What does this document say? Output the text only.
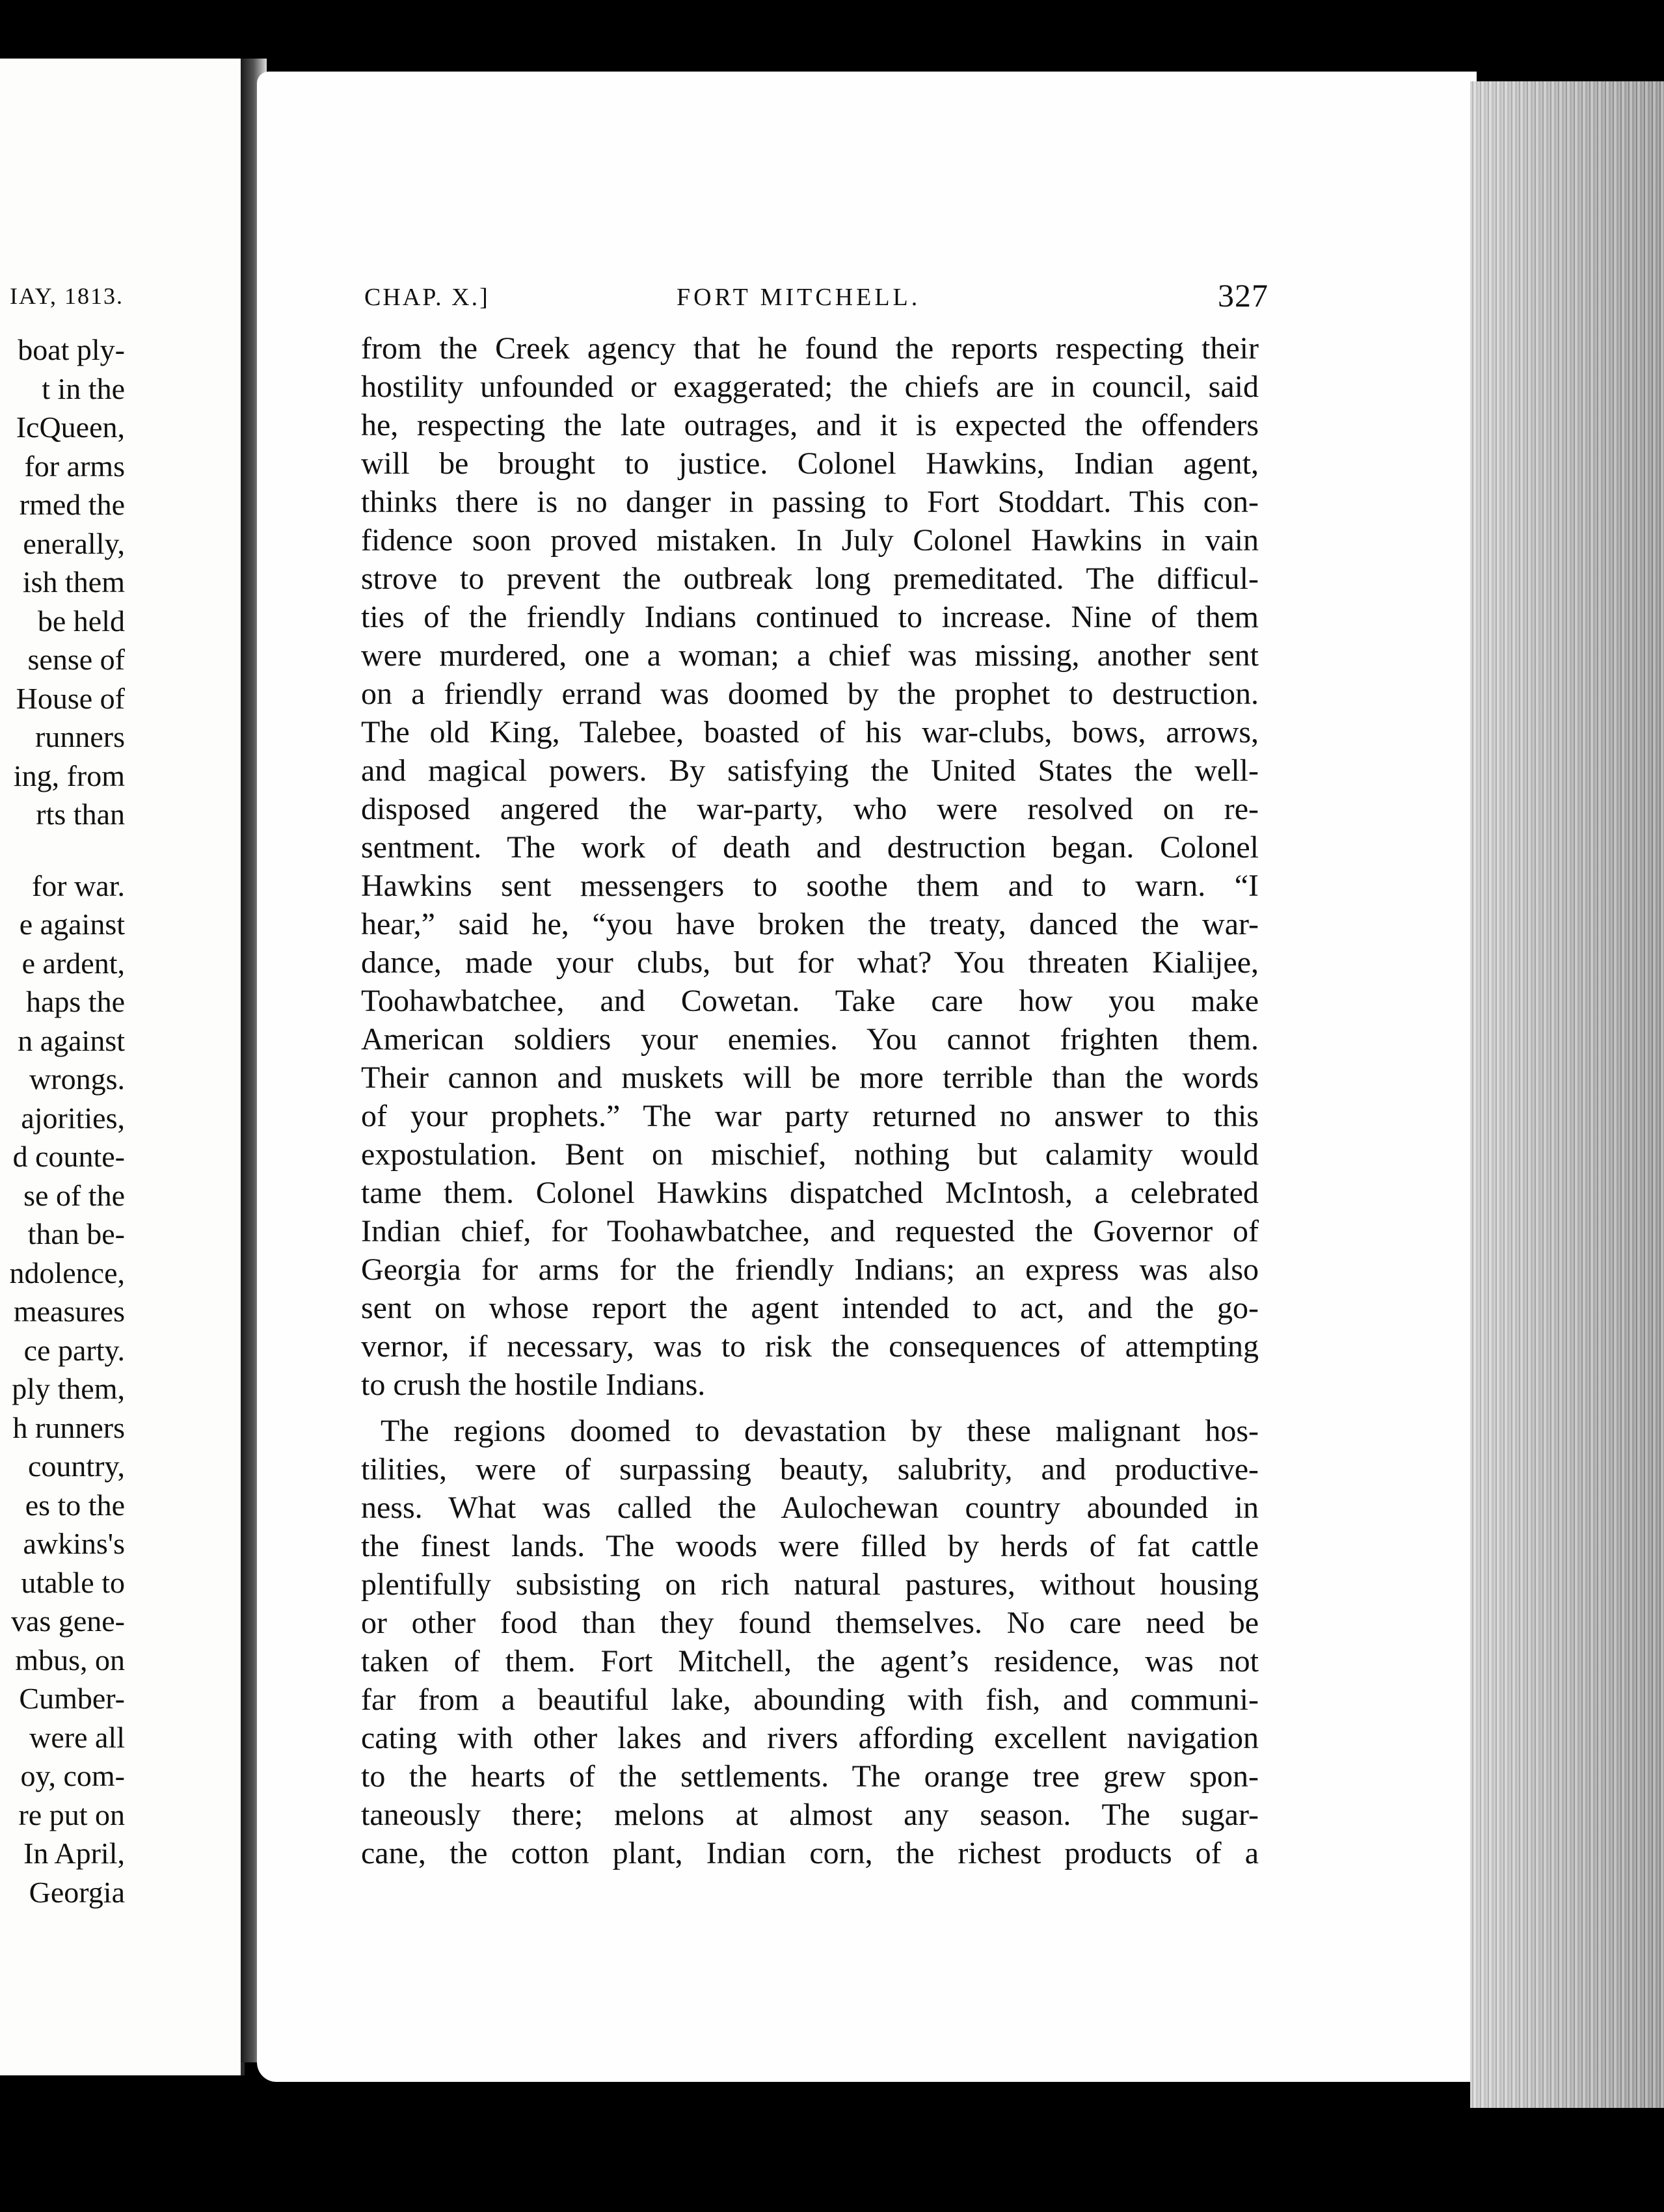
IAY, 1813.
boat ply-
t in the
IcQueen,
for arms
rmed the
enerally,
ish them
be held
sense of
House of
runners
ing, from
rts than
for war.
e against
e ardent,
haps the
n against
wrongs.
ajorities,
d counte-
se of the
than be-
ndolence,
measures
ce party.
ply them,
h runners
country,
es to the
awkins's
utable to
vas gene-
mbus, on
Cumber-
were all
oy, com-
re put on
In April,
Georgia
CHAP. X.]	FORT MITCHELL.	327
from the Creek agency that he found the reports respecting their
hostility unfounded or exaggerated; the chiefs are in council, said
he, respecting the late outrages, and it is expected the offenders
will be brought to justice. Colonel Hawkins, Indian agent,
thinks there is no danger in passing to Fort Stoddart. This con-
fidence soon proved mistaken. In July Colonel Hawkins in vain
strove to prevent the outbreak long premeditated. The difficul-
ties of the friendly Indians continued to increase. Nine of them
were murdered, one a woman; a chief was missing, another sent
on a friendly errand was doomed by the prophet to destruction.
The old King, Talebee, boasted of his war-clubs, bows, arrows,
and magical powers. By satisfying the United States the well-
disposed angered the war-party, who were resolved on re-
sentment. The work of death and destruction began. Colonel
Hawkins sent messengers to soothe them and to warn. “I
hear,” said he, “you have broken the treaty, danced the war-
dance, made your clubs, but for what? You threaten Kialijee,
Toohawbatchee, and Cowetan. Take care how you make
American soldiers your enemies. You cannot frighten them.
Their cannon and muskets will be more terrible than the words
of your prophets.” The war party returned no answer to this
expostulation. Bent on mischief, nothing but calamity would
tame them. Colonel Hawkins dispatched McIntosh, a celebrated
Indian chief, for Toohawbatchee, and requested the Governor of
Georgia for arms for the friendly Indians; an express was also
sent on whose report the agent intended to act, and the go-
vernor, if necessary, was to risk the consequences of attempting
to crush the hostile Indians.
The regions doomed to devastation by these malignant hos-
tilities, were of surpassing beauty, salubrity, and productive-
ness. What was called the Aulochewan country abounded in
the finest lands. The woods were filled by herds of fat cattle
plentifully subsisting on rich natural pastures, without housing
or other food than they found themselves. No care need be
taken of them. Fort Mitchell, the agent’s residence, was not
far from a beautiful lake, abounding with fish, and communi-
cating with other lakes and rivers affording excellent navigation
to the hearts of the settlements. The orange tree grew spon-
taneously there; melons at almost any season. The sugar-
cane, the cotton plant, Indian corn, the richest products of a
